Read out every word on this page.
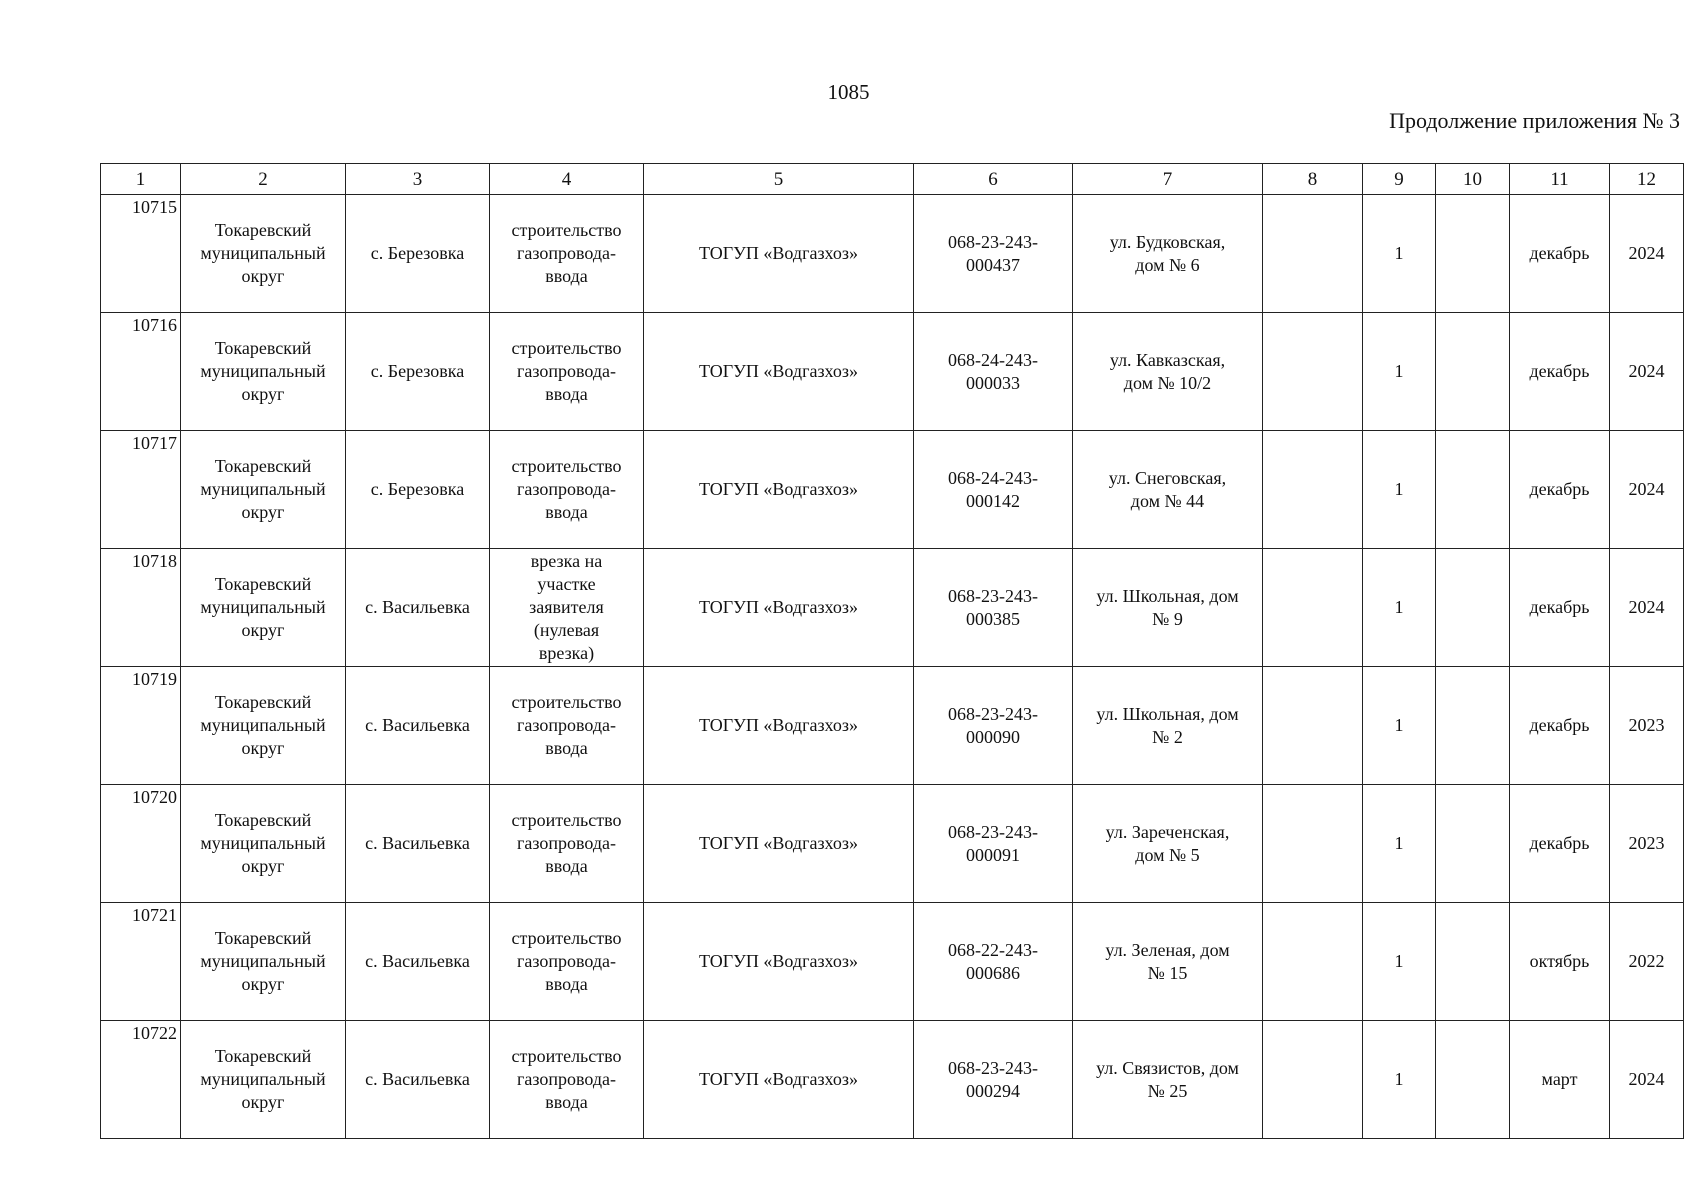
1085
Продолжение приложения № 3
1	2	3	4	5	6	7	8	9	10	11	12
10715	Токаревский
муниципальный
округ	с. Березовка	строительство
газопровода-
ввода	ТОГУП «Водгазхоз»	068-23-243-
000437	ул. Будковская,
дом № 6		1		декабрь	2024
10716	Токаревский
муниципальный
округ	с. Березовка	строительство
газопровода-
ввода	ТОГУП «Водгазхоз»	068-24-243-
000033	ул. Кавказская,
дом № 10/2		1		декабрь	2024
10717	Токаревский
муниципальный
округ	с. Березовка	строительство
газопровода-
ввода	ТОГУП «Водгазхоз»	068-24-243-
000142	ул. Снеговская,
дом № 44		1		декабрь	2024
10718	Токаревский
муниципальный
округ	с. Васильевка	врезка на
участке
заявителя
(нулевая
врезка)	ТОГУП «Водгазхоз»	068-23-243-
000385	ул. Школьная, дом
№ 9		1		декабрь	2024
10719	Токаревский
муниципальный
округ	с. Васильевка	строительство
газопровода-
ввода	ТОГУП «Водгазхоз»	068-23-243-
000090	ул. Школьная, дом
№ 2		1		декабрь	2023
10720	Токаревский
муниципальный
округ	с. Васильевка	строительство
газопровода-
ввода	ТОГУП «Водгазхоз»	068-23-243-
000091	ул. Зареченская,
дом № 5		1		декабрь	2023
10721	Токаревский
муниципальный
округ	с. Васильевка	строительство
газопровода-
ввода	ТОГУП «Водгазхоз»	068-22-243-
000686	ул. Зеленая, дом
№ 15		1		октябрь	2022
10722	Токаревский
муниципальный
округ	с. Васильевка	строительство
газопровода-
ввода	ТОГУП «Водгазхоз»	068-23-243-
000294	ул. Связистов, дом
№ 25		1		март	2024
